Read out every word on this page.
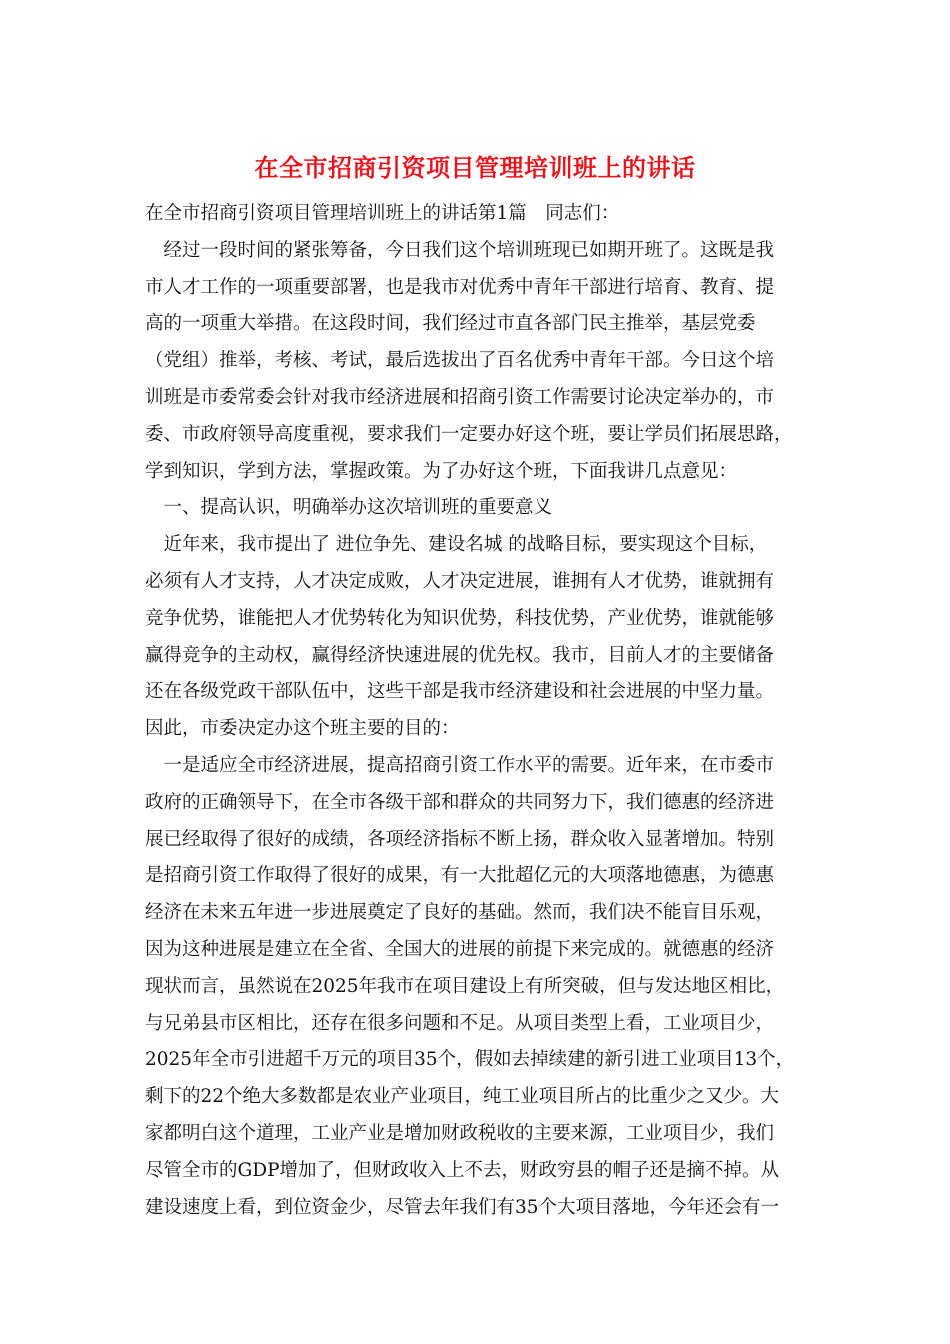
在全市招商引资项目管理培训班上的讲话
在全市招商引资项目管理培训班上的讲话第1篇　同志们：
　经过一段时间的紧张筹备，今日我们这个培训班现已如期开班了。这既是我
市人才工作的一项重要部署，也是我市对优秀中青年干部进行培育、教育、提
高的一项重大举措。在这段时间，我们经过市直各部门民主推举，基层党委
（党组）推举，考核、考试，最后选拔出了百名优秀中青年干部。今日这个培
训班是市委常委会针对我市经济进展和招商引资工作需要讨论决定举办的，市
委、市政府领导高度重视，要求我们一定要办好这个班，要让学员们拓展思路，
学到知识，学到方法，掌握政策。为了办好这个班，下面我讲几点意见：
　一、提高认识，明确举办这次培训班的重要意义
　近年来，我市提出了 进位争先、建设名城 的战略目标，要实现这个目标，
必须有人才支持，人才决定成败，人才决定进展，谁拥有人才优势，谁就拥有
竞争优势，谁能把人才优势转化为知识优势，科技优势，产业优势，谁就能够
赢得竞争的主动权，赢得经济快速进展的优先权。我市，目前人才的主要储备
还在各级党政干部队伍中，这些干部是我市经济建设和社会进展的中坚力量。
因此，市委决定办这个班主要的目的：
　一是适应全市经济进展，提高招商引资工作水平的需要。近年来，在市委市
政府的正确领导下，在全市各级干部和群众的共同努力下，我们德惠的经济进
展已经取得了很好的成绩，各项经济指标不断上扬，群众收入显著增加。特别
是招商引资工作取得了很好的成果，有一大批超亿元的大项落地德惠，为德惠
经济在未来五年进一步进展奠定了良好的基础。然而，我们决不能盲目乐观，
因为这种进展是建立在全省、全国大的进展的前提下来完成的。就德惠的经济
现状而言，虽然说在2025年我市在项目建设上有所突破，但与发达地区相比，
与兄弟县市区相比，还存在很多问题和不足。从项目类型上看，工业项目少，
2025年全市引进超千万元的项目35个，假如去掉续建的新引进工业项目13个，
剩下的22个绝大多数都是农业产业项目，纯工业项目所占的比重少之又少。大
家都明白这个道理，工业产业是增加财政税收的主要来源，工业项目少，我们
尽管全市的GDP增加了，但财政收入上不去，财政穷县的帽子还是摘不掉。从
建设速度上看，到位资金少，尽管去年我们有35个大项目落地，今年还会有一
